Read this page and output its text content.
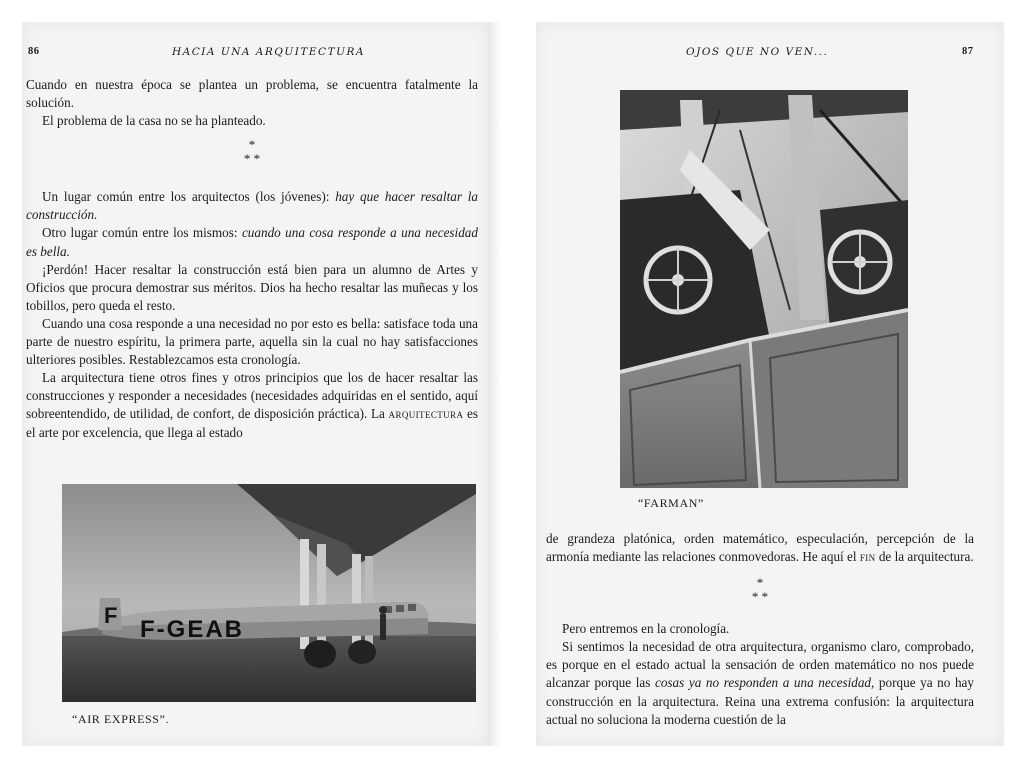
86	HACIA UNA ARQUITECTURA

Cuando en nuestra época se plantea un problema, se encuentra fatalmente la solución.

El problema de la casa no se ha planteado.

*
* *

Un lugar común entre los arquitectos (los jóvenes): hay que hacer resaltar la construcción.

Otro lugar común entre los mismos: cuando una cosa responde a una necesidad es bella.

¡Perdón! Hacer resaltar la construcción está bien para un alumno de Artes y Oficios que procura demostrar sus méritos. Dios ha hecho resaltar las muñecas y los tobillos, pero queda el resto.

Cuando una cosa responde a una necesidad no por esto es bella: satisface toda una parte de nuestro espíritu, la primera parte, aquella sin la cual no hay satisfacciones ulteriores posibles. Restablezcamos esta cronología.

La arquitectura tiene otros fines y otros principios que los de hacer resaltar las construcciones y responder a necesidades (necesidades adquiridas en el sentido, aquí sobreentendido, de utilidad, de confort, de disposición práctica). La arquitectura es el arte por excelencia, que llega al estado

F
F-GEAB
“AIR EXPRESS”.
OJOS QUE NO VEN...	87
“FARMAN”

de grandeza platónica, orden matemático, especulación, percepción de la armonía mediante las relaciones conmovedoras. He aquí el fin de la arquitectura.

*
* *

Pero entremos en la cronología.

Si sentimos la necesidad de otra arquitectura, organismo claro, comprobado, es porque en el estado actual la sensación de orden matemático no nos puede alcanzar porque las cosas ya no responden a una necesidad, porque ya no hay construcción en la arquitectura. Reina una extrema confusión: la arquitectura actual no soluciona la moderna cuestión de la
